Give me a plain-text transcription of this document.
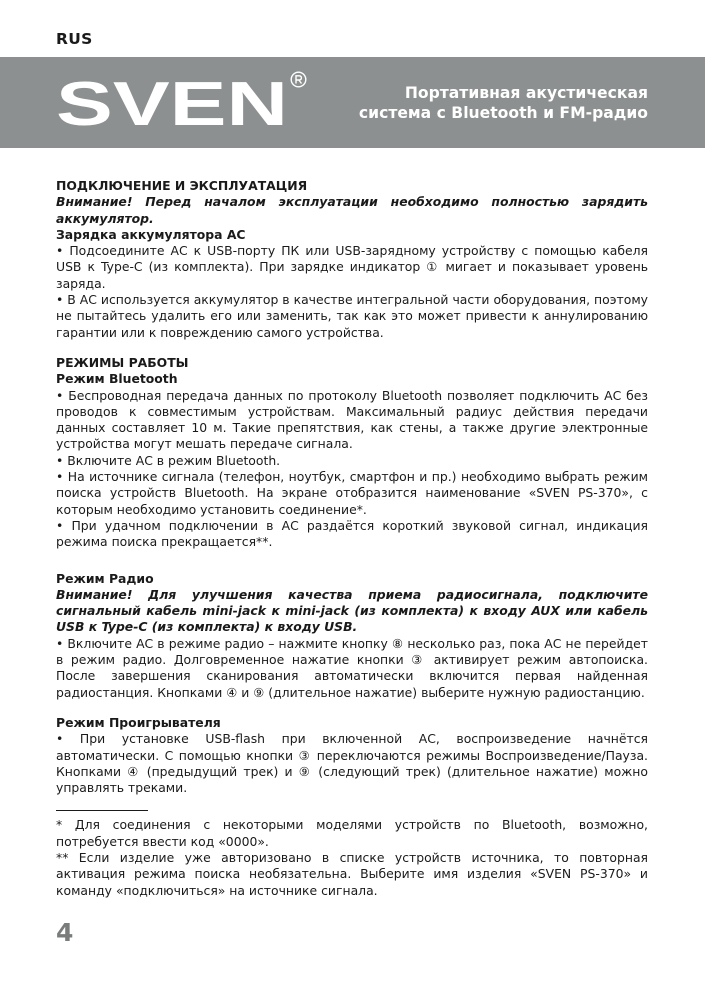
RUS
SVEN	Портативная акустическая
система с Bluetooth и FM-радио

ПОДКЛЮЧЕНИЕ И ЭКСПЛУАТАЦИЯ

Внимание! Перед началом эксплуатации необходимо полностью зарядить аккумулятор.

Зарядка аккумулятора АС

• Подсоедините АС к USB-порту ПК или USB-зарядному устройству с помощью кабеля USB к Type-C (из комплекта). При зарядке индикатор ① мигает и показывает уровень заряда.

• В АС используется аккумулятор в качестве интегральной части оборудования, поэтому не пытайтесь удалить его или заменить, так как это может привести к аннулированию гарантии или к повреждению самого устройства.

РЕЖИМЫ РАБОТЫ

Режим Bluetooth

• Беспроводная передача данных по протоколу Bluetooth позволяет подключить АС без проводов к совместимым устройствам. Максимальный радиус действия передачи данных составляет 10 м. Такие препятствия, как стены, а также другие электронные устройства могут мешать передаче сигнала.

• Включите АС в режим Bluetooth.

• На источнике сигнала (телефон, ноутбук, смартфон и пр.) необходимо выбрать режим поиска устройств Bluetooth. На экране отобразится наименование «SVEN PS-370», с которым необходимо установить соединение*.

• При удачном подключении в АС раздаётся короткий звуковой сигнал, индикация режима поиска прекращается**.

Режим Радио

Внимание! Для улучшения качества приема радиосигнала, подключите сигнальный кабель mini-jack к mini-jack (из комплекта) к входу AUX или кабель USB к Type-C (из комплекта) к входу USB.

• Включите АС в режиме радио – нажмите кнопку ⑧ несколько раз, пока АС не перейдет в режим радио. Долговременное нажатие кнопки ③ активирует режим автопоиска. После завершения сканирования автоматически включится первая найденная радиостанция. Кнопками ④ и ⑨ (длительное нажатие) выберите нужную радиостанцию.

Режим Проигрывателя

• При установке USB-flash при включенной АС, воспроизведение начнётся автоматически. С помощью кнопки ③ переключаются режимы Воспроизведение/Пауза. Кнопками ④ (предыдущий трек) и ⑨ (следующий трек) (длительное нажатие) можно управлять треками.

* Для соединения с некоторыми моделями устройств по Bluetooth, возможно, потребуется ввести код «0000».

** Если изделие уже авторизовано в списке устройств источника, то повторная активация режима поиска необязательна. Выберите имя изделия «SVEN PS-370» и команду «подключиться» на источнике сигнала.

4
